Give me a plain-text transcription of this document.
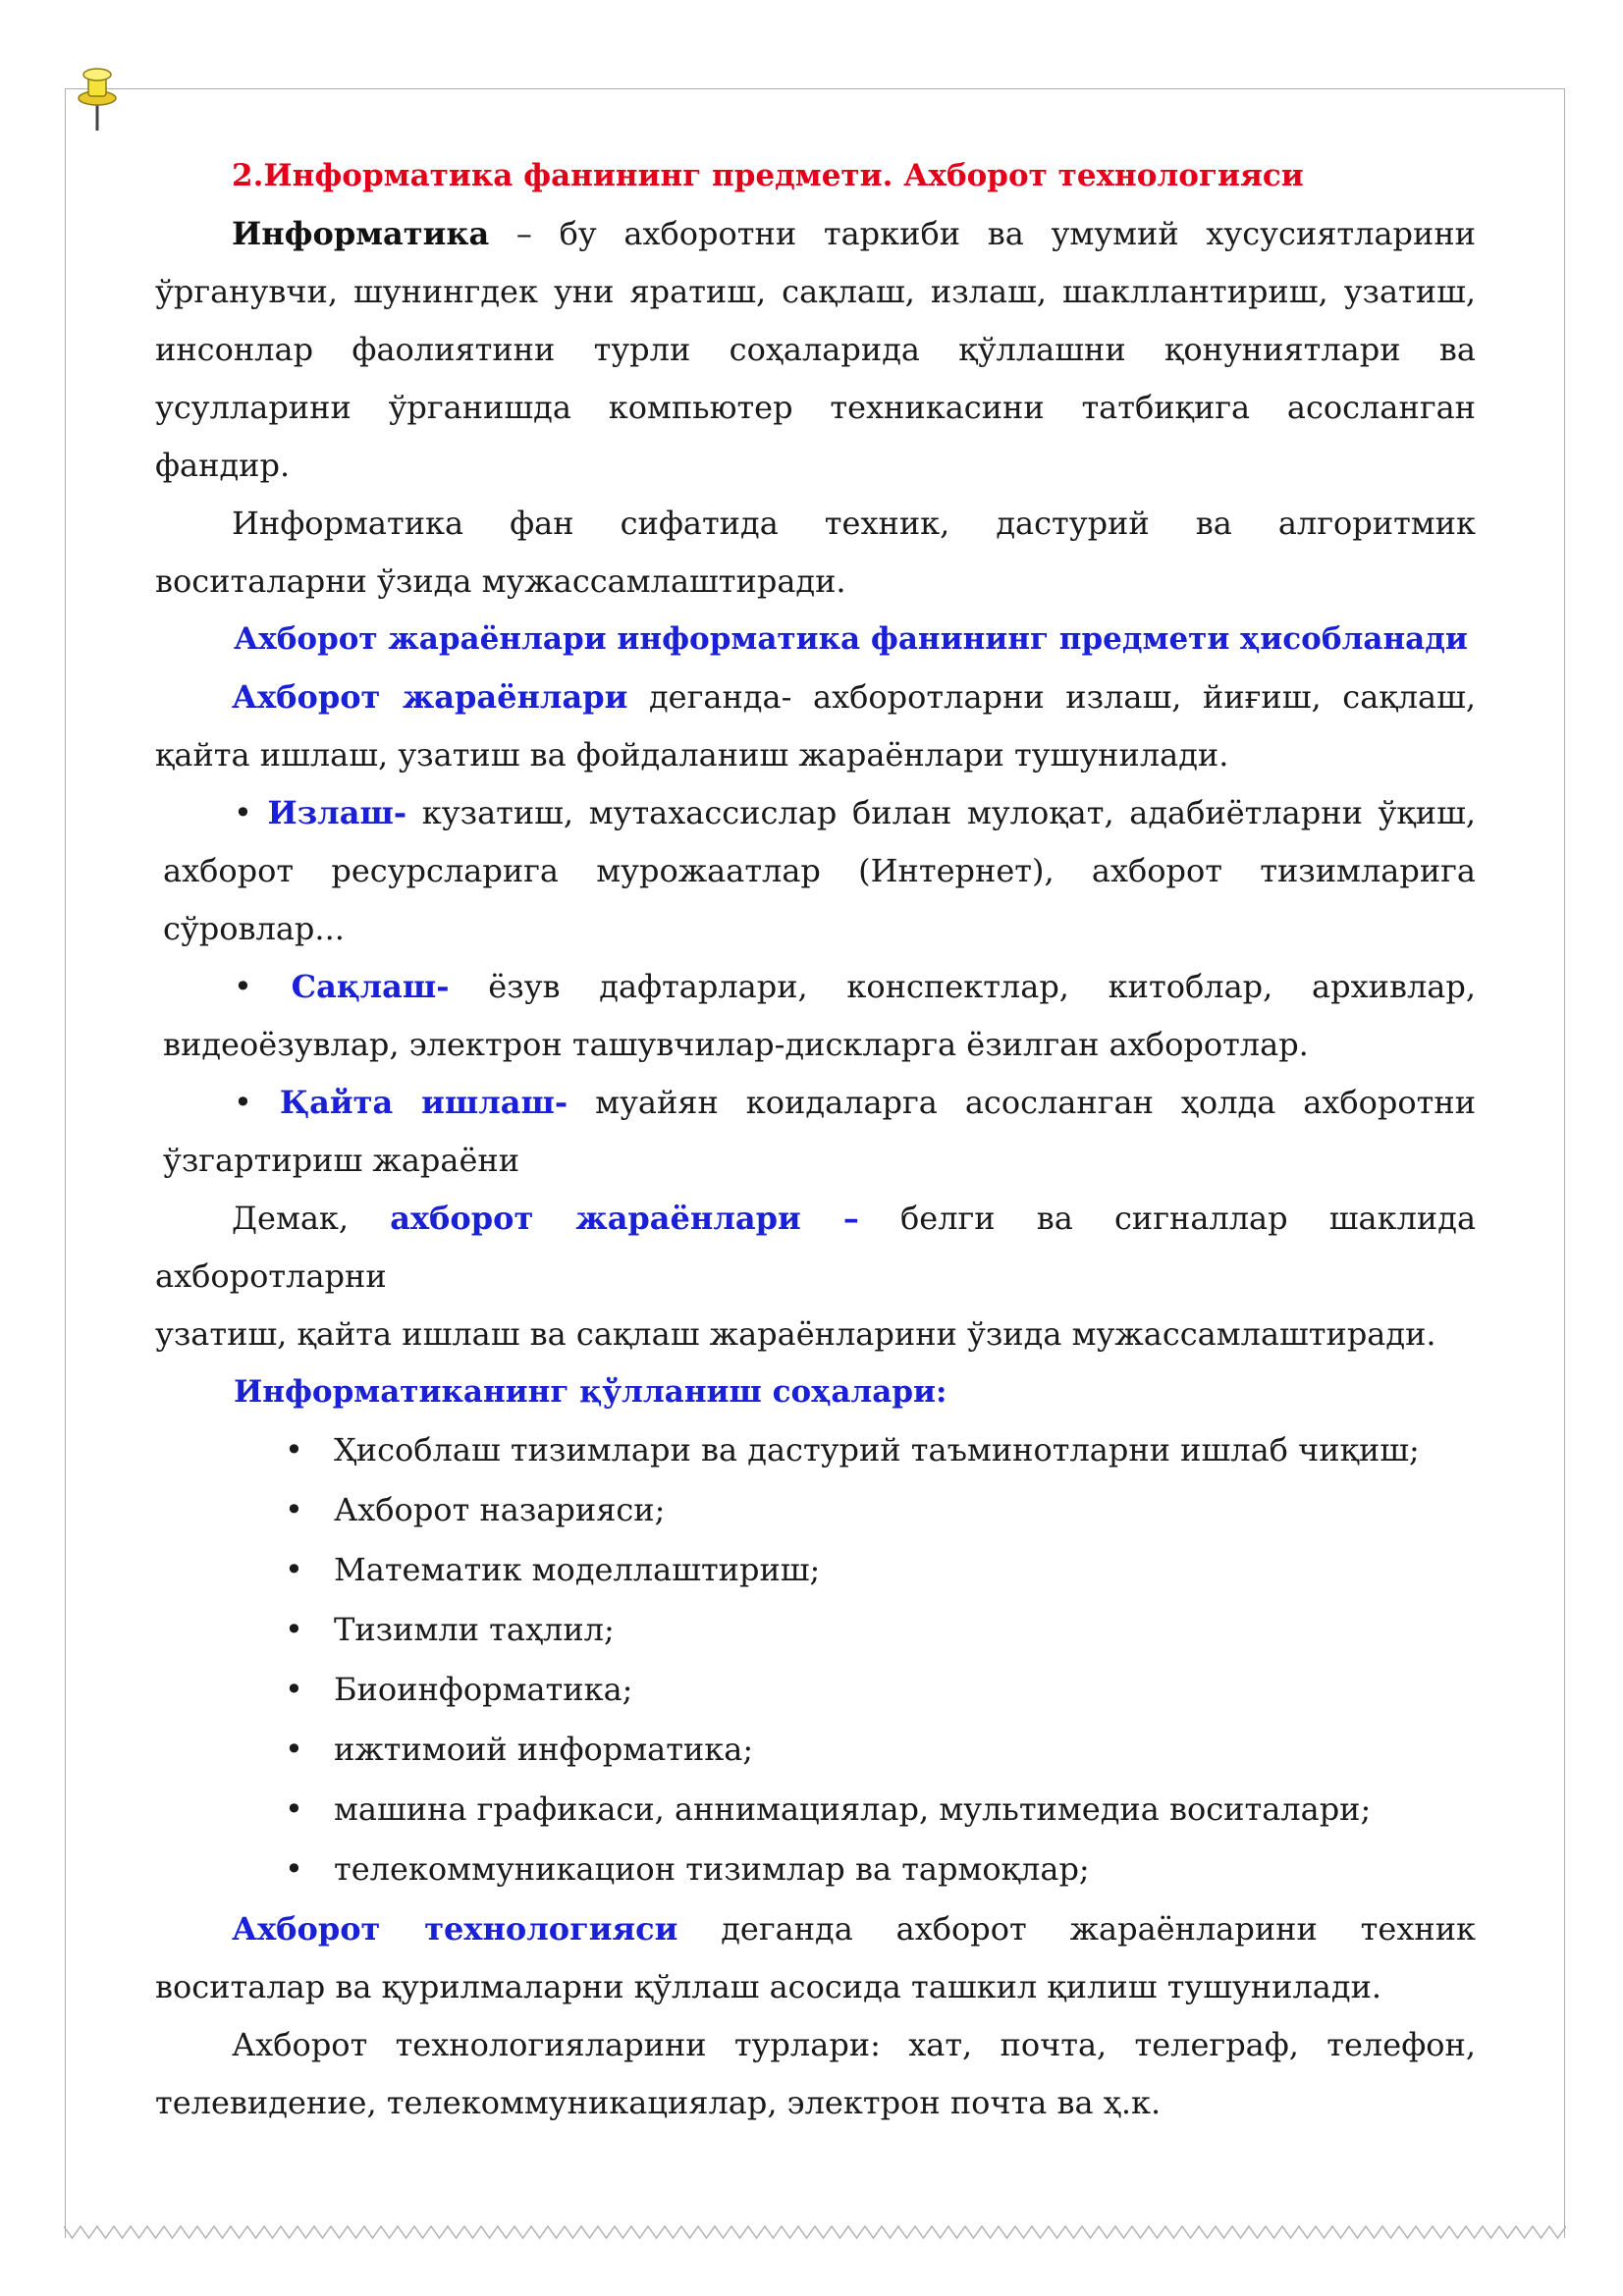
2.Информатика фанининг предмети. Ахборот технологияси

Информатика – бу ахборотни таркиби ва умумий хусусиятларини

ўрганувчи, шунингдек уни яратиш, сақлаш, излаш, шакллантириш, узатиш,

инсонлар фаолиятини турли соҳаларида қўллашни қонуниятлари ва

усулларини ўрганишда компьютер техникасини татбиқига асосланган

фандир.

Информатика фан сифатида техник, дастурий ва алгоритмик

воситаларни ўзида мужассамлаштиради.

Ахборот жараёнлари информатика фанининг предмети ҳисобланади

Ахборот жараёнлари деганда- ахборотларни излаш, йиғиш, сақлаш,

қайта ишлаш, узатиш ва фойдаланиш жараёнлари тушунилади.

• Излаш- кузатиш, мутахассислар билан мулоқат, адабиётларни ўқиш,

ахборот ресурсларига мурожаатлар (Интернет), ахборот тизимларига

сўровлар...

• Сақлаш- ёзув дафтарлари, конспектлар, китоблар, архивлар,

видеоёзувлар, электрон ташувчилар-дискларга ёзилган ахборотлар.

• Қайта ишлаш- муайян коидаларга асосланган ҳолда ахборотни

ўзгартириш жараёни

Демак, ахборот жараёнлари – белги ва сигналлар шаклида ахборотларни

узатиш, қайта ишлаш ва сақлаш жараёнларини ўзида мужассамлаштиради.

Информатиканинг қўлланиш соҳалари:

• Ҳисоблаш тизимлари ва дастурий таъминотларни ишлаб чиқиш;
• Ахборот назарияси;
• Математик моделлаштириш;
• Тизимли таҳлил;
• Биоинформатика;
• ижтимоий информатика;
• машина графикаси, аннимациялар, мультимедиа воситалари;
• телекоммуникацион тизимлар ва тармоқлар;

Ахборот технологияси деганда ахборот жараёнларини техник

воситалар ва қурилмаларни қўллаш асосида ташкил қилиш тушунилади.

Ахборот технологияларини турлари: хат, почта, телеграф, телефон,

телевидение, телекоммуникациялар, электрон почта ва ҳ.к.
